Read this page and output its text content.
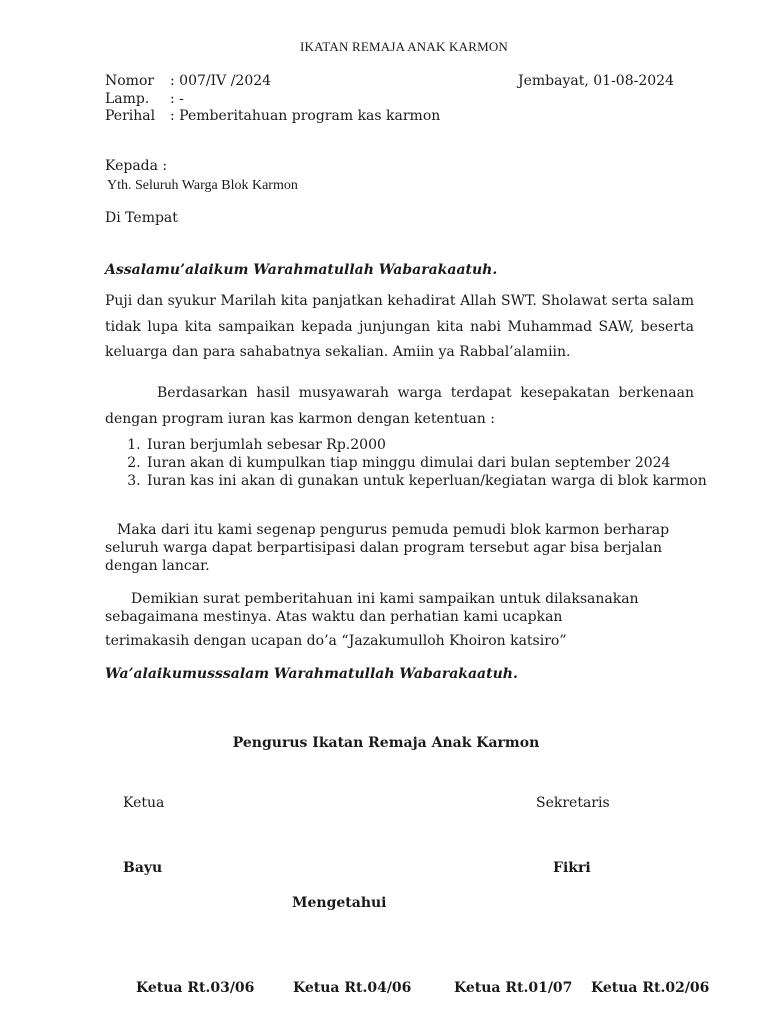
IKATAN REMAJA ANAK KARMON
Nomor : 007/IV /2024	Jembayat, 01-08-2024
Lamp. : -
Perihal : Pemberitahuan program kas karmon
Kepada :
Yth. Seluruh Warga Blok Karmon
Di Tempat
Assalamu’alaikum Warahmatullah Wabarakaatuh.
Puji dan syukur Marilah kita panjatkan kehadirat Allah SWT. Sholawat serta salam tidak lupa kita sampaikan kepada junjungan kita nabi Muhammad SAW, beserta keluarga dan para sahabatnya sekalian. Amiin ya Rabbal’alamiin.
Berdasarkan hasil musyawarah warga terdapat kesepakatan berkenaan dengan program iuran kas karmon dengan ketentuan :
1. Iuran berjumlah sebesar Rp.2000
2. Iuran akan di kumpulkan tiap minggu dimulai dari bulan september 2024
3. Iuran kas ini akan di gunakan untuk keperluan/kegiatan warga di blok karmon
Maka dari itu kami segenap pengurus pemuda pemudi blok karmon berharap seluruh warga dapat berpartisipasi dalan program tersebut agar bisa berjalan dengan lancar.
Demikian surat pemberitahuan ini kami sampaikan untuk dilaksanakan sebagaimana mestinya. Atas waktu dan perhatian kami ucapkan
terimakasih dengan ucapan do’a “Jazakumulloh Khoiron katsiro”
Wa’alaikumusssalam Warahmatullah Wabarakaatuh.
Pengurus Ikatan Remaja Anak Karmon
Ketua	Sekretaris
Bayu	Fikri
Mengetahui
Ketua Rt.03/06	Ketua Rt.04/06	Ketua Rt.01/07 Ketua Rt.02/06
